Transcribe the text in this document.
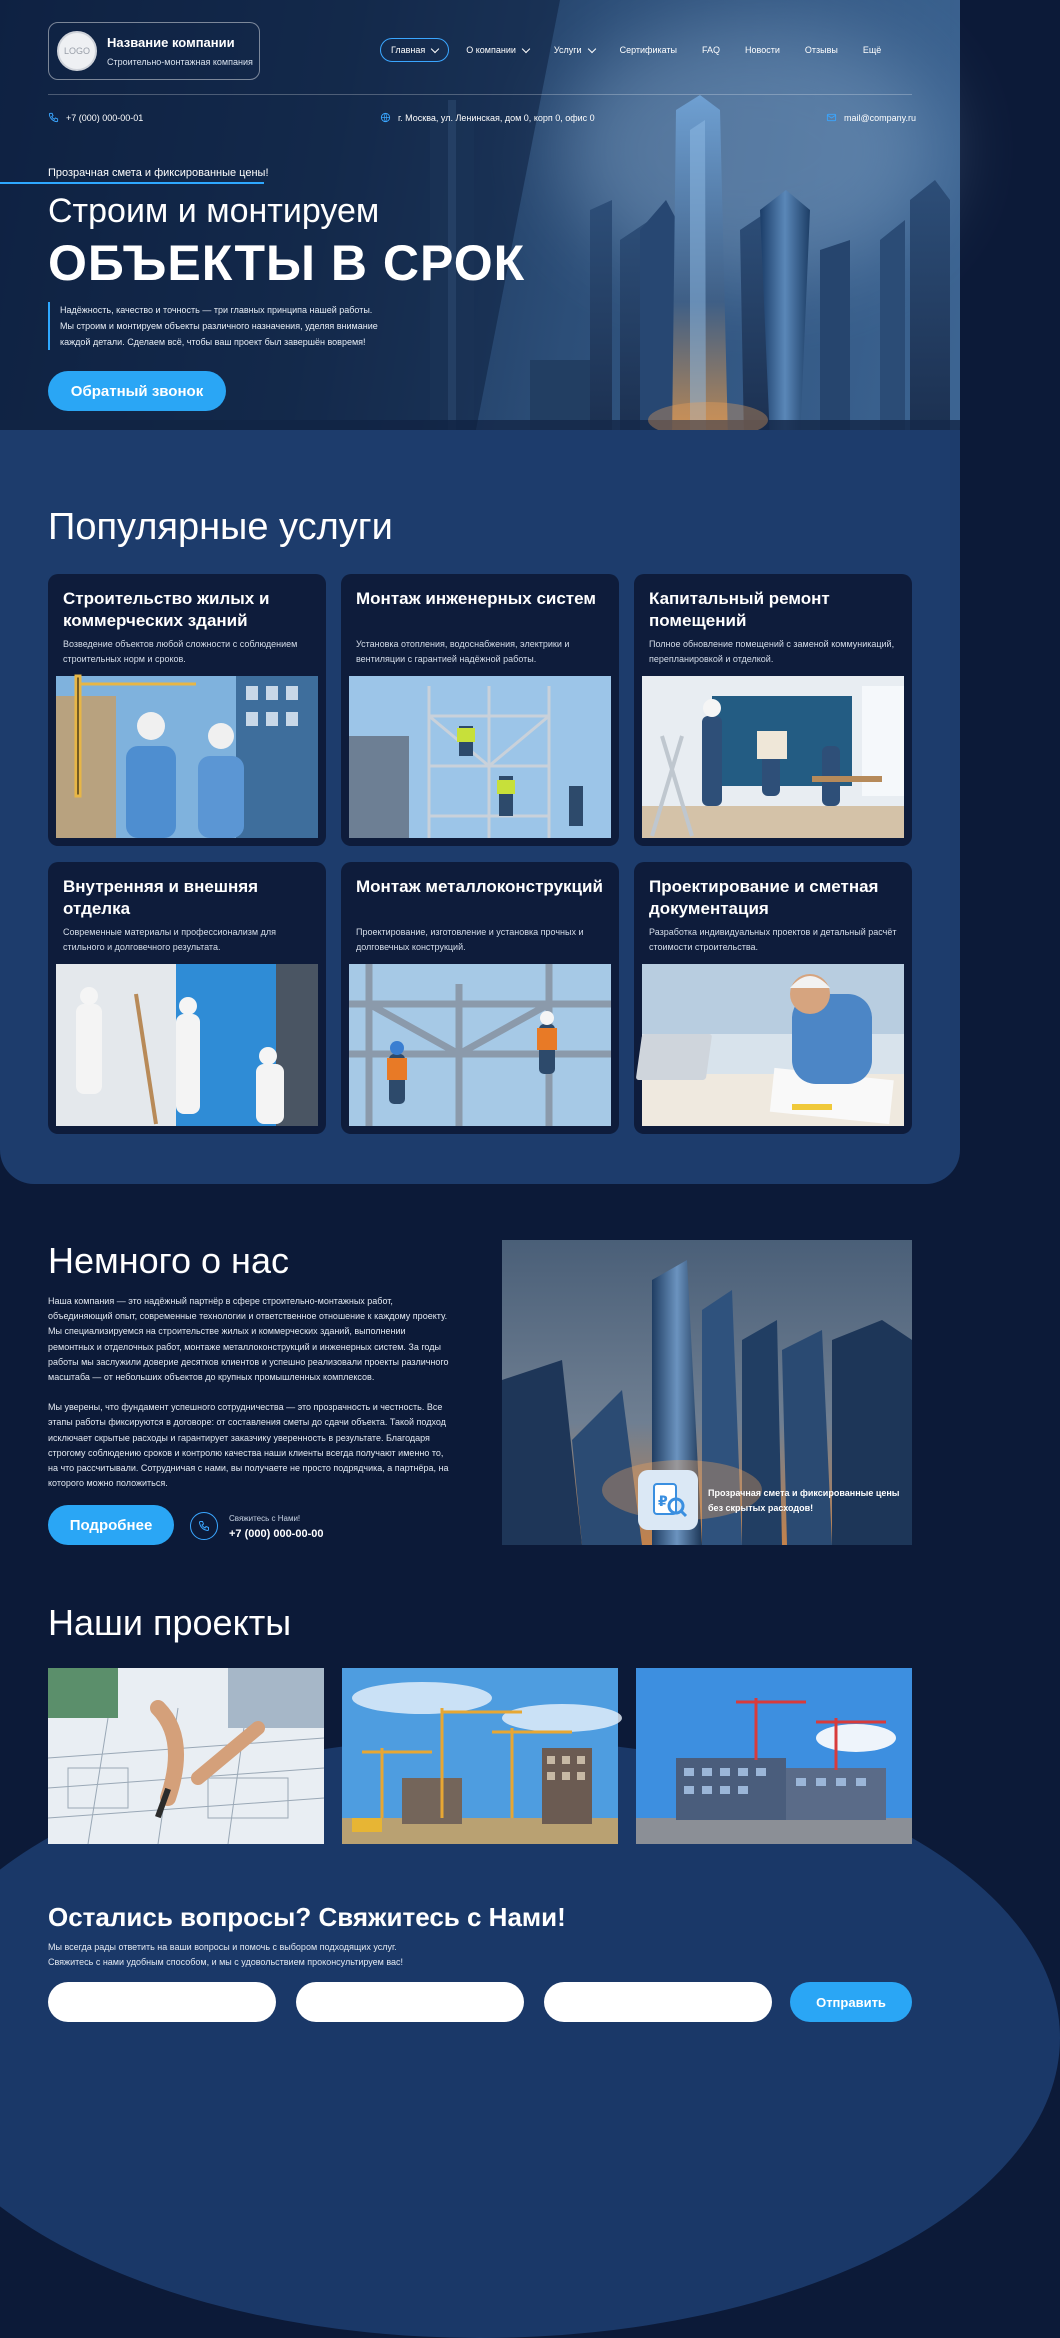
LOGO
Название компании
Строительно-монтажная компания
Главная	О компании	Услуги	Сертификаты	FAQ	Новости	Отзывы	Ещё
+7 (000) 000-00-01	г. Москва, ул. Ленинская, дом 0, корп 0, офис 0	mail@company.ru
Прозрачная смета и фиксированные цены!
Строим и монтируем
ОБЪЕКТЫ В СРОК
Надёжность, качество и точность — три главных принципа нашей работы. Мы строим и монтируем объекты различного назначения, уделяя внимание каждой детали. Сделаем всё, чтобы ваш проект был завершён вовремя!
Обратный звонок
Популярные услуги
Строительство жилых и коммерческих зданий
Возведение объектов любой сложности с соблюдением строительных норм и сроков.
Монтаж инженерных систем
Установка отопления, водоснабжения, электрики и вентиляции с гарантией надёжной работы.
Капитальный ремонт помещений
Полное обновление помещений с заменой коммуникаций, перепланировкой и отделкой.
Внутренняя и внешняя отделка
Современные материалы и профессионализм для стильного и долговечного результата.
Монтаж металлоконструкций
Проектирование, изготовление и установка прочных и долговечных конструкций.
Проектирование и сметная документация
Разработка индивидуальных проектов и детальный расчёт стоимости строительства.
Немного о нас

Наша компания — это надёжный партнёр в сфере строительно-монтажных работ, объединяющий опыт, современные технологии и ответственное отношение к каждому проекту. Мы специализируемся на строительстве жилых и коммерческих зданий, выполнении ремонтных и отделочных работ, монтаже металлоконструкций и инженерных систем. За годы работы мы заслужили доверие десятков клиентов и успешно реализовали проекты различного масштаба — от небольших объектов до крупных промышленных комплексов.

Мы уверены, что фундамент успешного сотрудничества — это прозрачность и честность. Все этапы работы фиксируются в договоре: от составления сметы до сдачи объекта. Такой подход исключает скрытые расходы и гарантирует заказчику уверенность в результате. Благодаря строгому соблюдению сроков и контролю качества наши клиенты всегда получают именно то, на что рассчитывали. Сотрудничая с нами, вы получаете не просто подрядчика, а партнёра, на которого можно положиться.

Подробнее	Свяжитесь с Нами!
+7 (000) 000-00-00
₽
Прозрачная смета и фиксированные цены без скрытых расходов!
Наши проекты
Остались вопросы? Свяжитесь с Нами!
Мы всегда рады ответить на ваши вопросы и помочь с выбором подходящих услуг. Свяжитесь с нами удобным способом, и мы с удовольствием проконсультируем вас!
Отправить
